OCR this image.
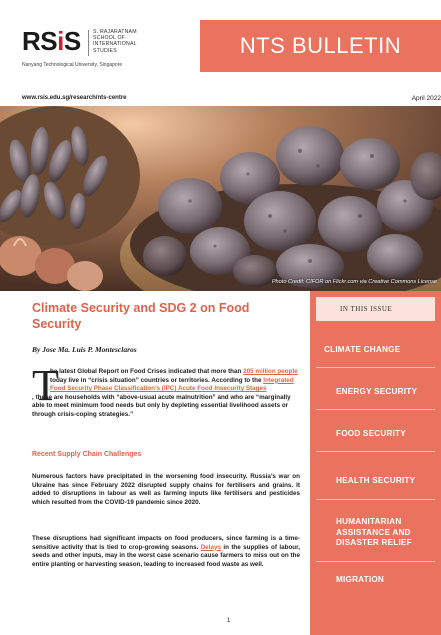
RSiS S. RAJARATNAM
SCHOOL OF
INTERNATIONAL
STUDIES
Nanyang Technological University, Singapore
NTS BULLETIN
www.rsis.edu.sg/research/nts-centre	April 2022
Photo Credit: CIFOR on Flickr.com via Creative Commons License
Climate Security and SDG 2 on Food Security
By Jose Ma. Luis P. Montesclaros
T
he latest Global Report on Food Crises indicated that more than 205 million people today live in “crisis situation” countries or territories. According to the Integrated Food Security Phase Classification’s (IPC) Acute Food Insecurity Stages
, these are households with “above-usual acute malnutrition” and who are “marginally able to meet minimum food needs but only by depleting essential livelihood assets or through crisis-coping strategies.”
Recent Supply Chain Challenges
Numerous factors have precipitated in the worsening food insecurity. Russia’s war on Ukraine has since February 2022 disrupted supply chains for fertilisers and grains. It added to disruptions in labour as well as farming inputs like fertilisers and pesticides which resulted from the COVID-19 pandemic since 2020.
These disruptions had significant impacts on food producers, since farming is a time-sensitive activity that is tied to crop-growing seasons. Delays in the supplies of labour, seeds and other inputs, may in the worst case scenario cause farmers to miss out on the entire planting or harvesting season, leading to increased food waste as well.
1
IN THIS ISSUE
CLIMATE CHANGE
ENERGY SECURITY
FOOD SECURITY
HEALTH SECURITY
HUMANITARIAN ASSISTANCE AND DISASTER RELIEF
MIGRATION
